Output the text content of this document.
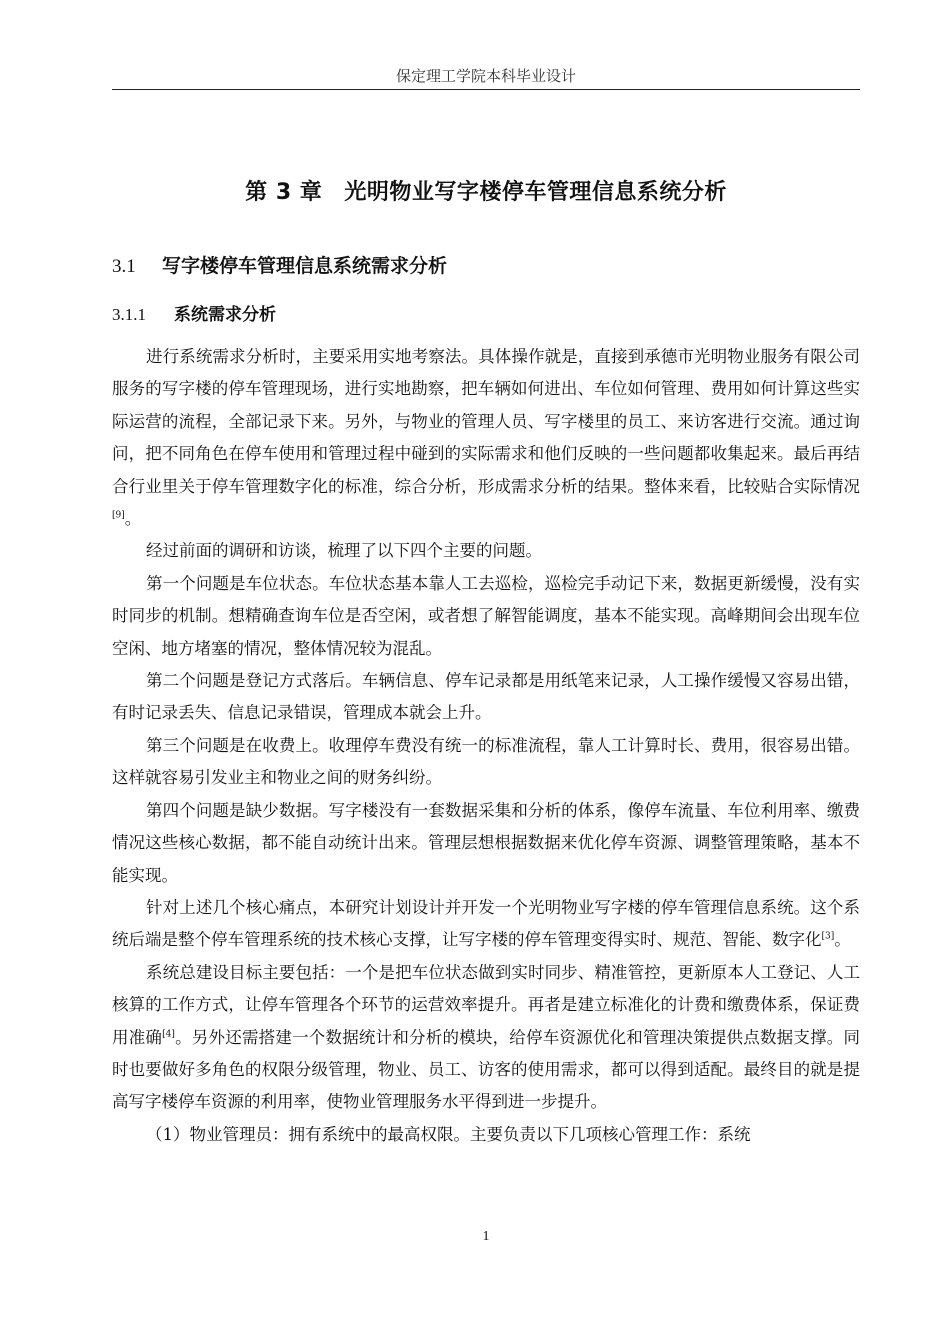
保定理工学院本科毕业设计
第 3 章 光明物业写字楼停车管理信息系统分析
3.1 写字楼停车管理信息系统需求分析
3.1.1 系统需求分析

进行系统需求分析时，主要采用实地考察法。具体操作就是，直接到承德市光明物业服务有限公司服务的写字楼的停车管理现场，进行实地勘察，把车辆如何进出、车位如何管理、费用如何计算这些实际运营的流程，全部记录下来。另外，与物业的管理人员、写字楼里的员工、来访客进行交流。通过询问，把不同角色在停车使用和管理过程中碰到的实际需求和他们反映的一些问题都收集起来。最后再结合行业里关于停车管理数字化的标准，综合分析，形成需求分析的结果。整体来看，比较贴合实际情况[9]。

经过前面的调研和访谈，梳理了以下四个主要的问题。

第一个问题是车位状态。车位状态基本靠人工去巡检，巡检完手动记下来，数据更新缓慢，没有实时同步的机制。想精确查询车位是否空闲，或者想了解智能调度，基本不能实现。高峰期间会出现车位空闲、地方堵塞的情况，整体情况较为混乱。

第二个问题是登记方式落后。车辆信息、停车记录都是用纸笔来记录，人工操作缓慢又容易出错，有时记录丢失、信息记录错误，管理成本就会上升。

第三个问题是在收费上。收理停车费没有统一的标准流程，靠人工计算时长、费用，很容易出错。这样就容易引发业主和物业之间的财务纠纷。

第四个问题是缺少数据。写字楼没有一套数据采集和分析的体系，像停车流量、车位利用率、缴费情况这些核心数据，都不能自动统计出来。管理层想根据数据来优化停车资源、调整管理策略，基本不能实现。

针对上述几个核心痛点，本研究计划设计并开发一个光明物业写字楼的停车管理信息系统。这个系统后端是整个停车管理系统的技术核心支撑，让写字楼的停车管理变得实时、规范、智能、数字化[3]。

系统总建设目标主要包括：一个是把车位状态做到实时同步、精准管控，更新原本人工登记、人工核算的工作方式，让停车管理各个环节的运营效率提升。再者是建立标准化的计费和缴费体系，保证费用准确[4]。另外还需搭建一个数据统计和分析的模块，给停车资源优化和管理决策提供点数据支撑。同时也要做好多角色的权限分级管理，物业、员工、访客的使用需求，都可以得到适配。最终目的就是提高写字楼停车资源的利用率，使物业管理服务水平得到进一步提升。

（1）物业管理员：拥有系统中的最高权限。主要负责以下几项核心管理工作：系统

1
